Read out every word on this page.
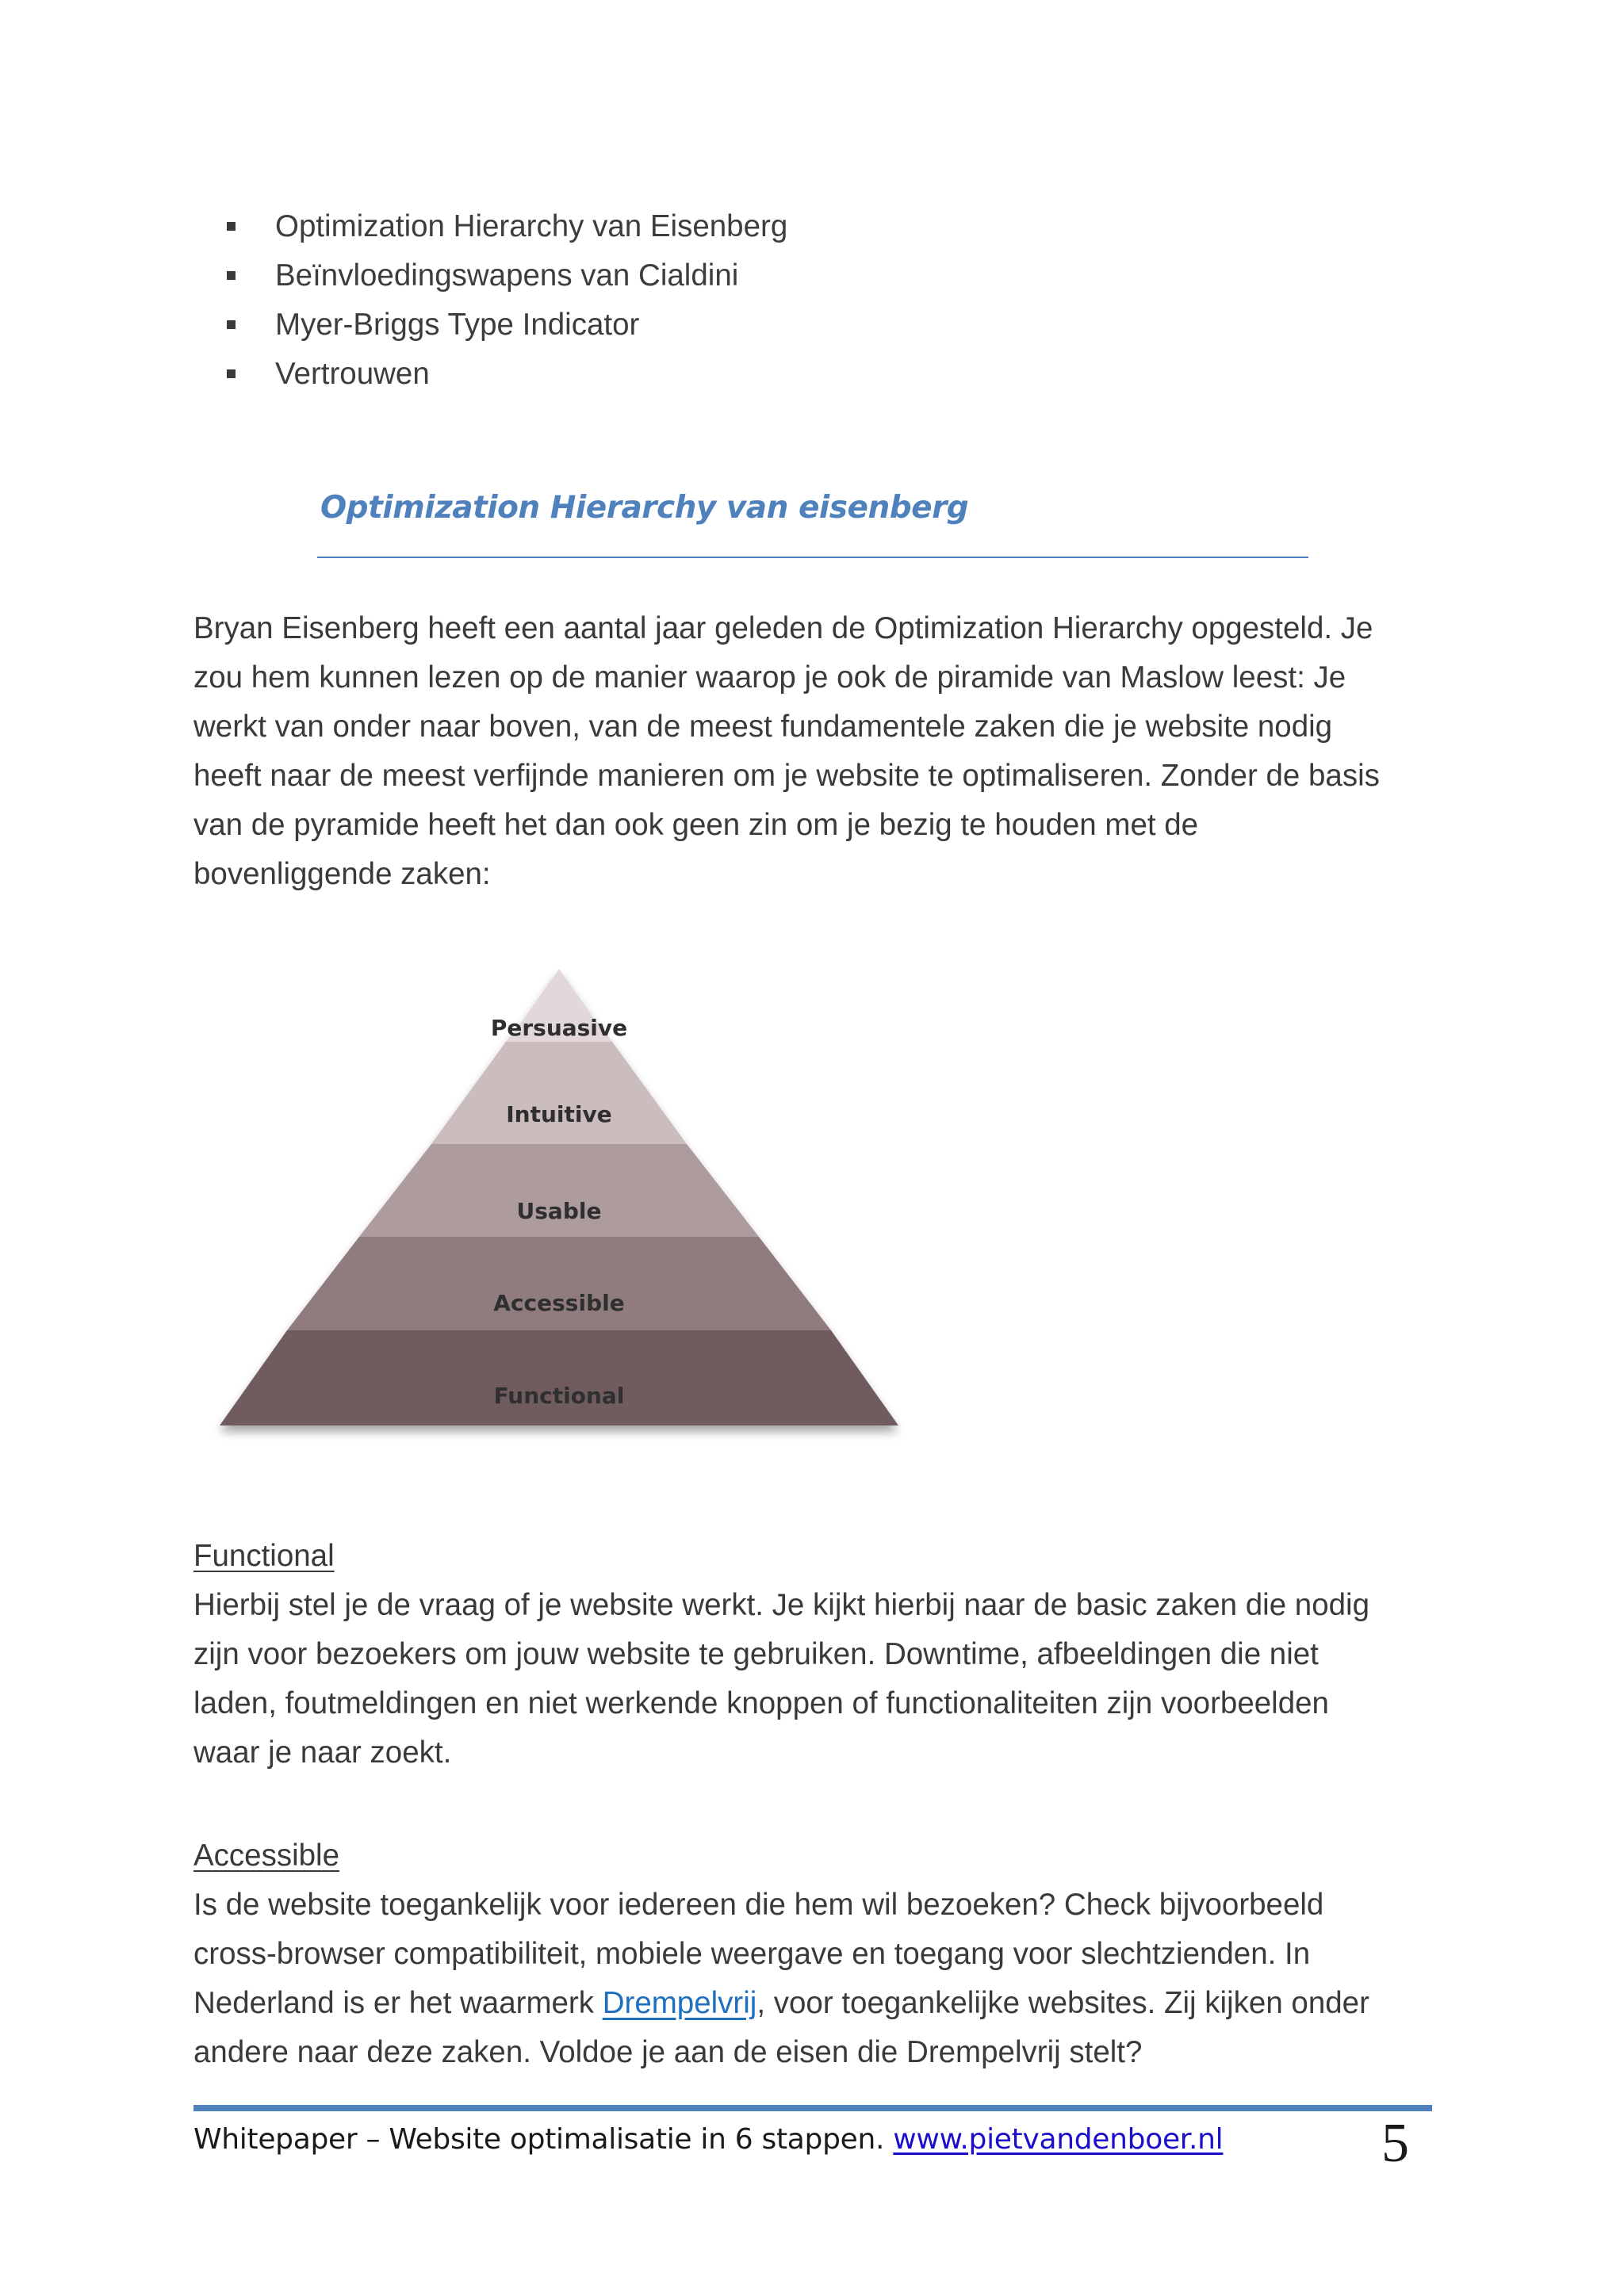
Optimization Hierarchy van Eisenberg
Beïnvloedingswapens van Cialdini
Myer-Briggs Type Indicator
Vertrouwen
Optimization Hierarchy van eisenberg
Bryan Eisenberg heeft een aantal jaar geleden de Optimization Hierarchy opgesteld. Je
zou hem kunnen lezen op de manier waarop je ook de piramide van Maslow leest: Je
werkt van onder naar boven, van de meest fundamentele zaken die je website nodig
heeft naar de meest verfijnde manieren om je website te optimaliseren. Zonder de basis
van de pyramide heeft het dan ook geen zin om je bezig te houden met de
bovenliggende zaken:
Persuasive
Intuitive
Usable
Accessible
Functional
Functional
Hierbij stel je de vraag of je website werkt. Je kijkt hierbij naar de basic zaken die nodig
zijn voor bezoekers om jouw website te gebruiken. Downtime, afbeeldingen die niet
laden, foutmeldingen en niet werkende knoppen of functionaliteiten zijn voorbeelden
waar je naar zoekt.
Accessible
Is de website toegankelijk voor iedereen die hem wil bezoeken? Check bijvoorbeeld
cross-browser compatibiliteit, mobiele weergave en toegang voor slechtzienden. In
Nederland is er het waarmerk Drempelvrij, voor toegankelijke websites. Zij kijken onder
andere naar deze zaken. Voldoe je aan de eisen die Drempelvrij stelt?
Whitepaper – Website optimalisatie in 6 stappen. www.pietvandenboer.nl	5
